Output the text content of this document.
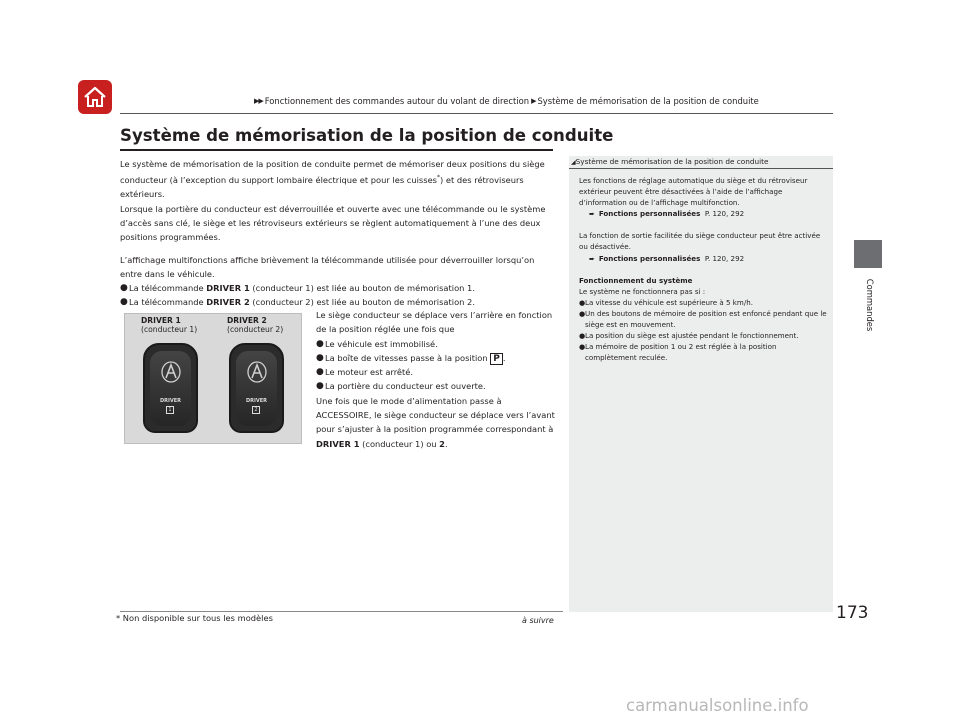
▶▶ Fonctionnement des commandes autour du volant de direction ▶ Système de mémorisation de la position de conduite
Système de mémorisation de la position de conduite

Le système de mémorisation de la position de conduite permet de mémoriser deux positions du siège conducteur (à l’exception du support lombaire électrique et pour les cuisses*) et des rétroviseurs extérieurs.

Lorsque la portière du conducteur est déverrouillée et ouverte avec une télécommande ou le système d’accès sans clé, le siège et les rétroviseurs extérieurs se règlent automatiquement à l’une des deux positions programmées.

L’affichage multifonctions affiche brièvement la télécommande utilisée pour déverrouiller lorsqu’on entre dans le véhicule.

● La télécommande DRIVER 1 (conducteur 1) est liée au bouton de mémorisation 1.
● La télécommande DRIVER 2 (conducteur 2) est liée au bouton de mémorisation 2.
DRIVER 1
(conducteur 1)
DRIVER 2
(conducteur 2)
DRIVER
1
DRIVER
2

Le siège conducteur se déplace vers l’arrière en fonction de la position réglée une fois que

● Le véhicule est immobilisé.
● La boîte de vitesses passe à la position P .
● Le moteur est arrêté.
● La portière du conducteur est ouverte.

Une fois que le mode d’alimentation passe à ACCESSOIRE, le siège conducteur se déplace vers l’avant pour s’ajuster à la position programmée correspondant à DRIVER 1 (conducteur 1) ou 2.

◢Système de mémorisation de la position de conduite

Les fonctions de réglage automatique du siège et du rétroviseur extérieur peuvent être désactivées à l’aide de l’affichage d’information ou de l’affichage multifonction.

➨ Fonctions personnalisées P. 120, 292

La fonction de sortie facilitée du siège conducteur peut être activée ou désactivée.

➨ Fonctions personnalisées P. 120, 292

Fonctionnement du système

Le système ne fonctionnera pas si :

● La vitesse du véhicule est supérieure à 5 km/h.
● Un des boutons de mémoire de position est enfoncé pendant que le siège est en mouvement.
● La position du siège est ajustée pendant le fonctionnement.
● La mémoire de position 1 ou 2 est réglée à la position complètement reculée.
Commandes
* Non disponible sur tous les modèles	à suivre	173
carmanualsonline.info
